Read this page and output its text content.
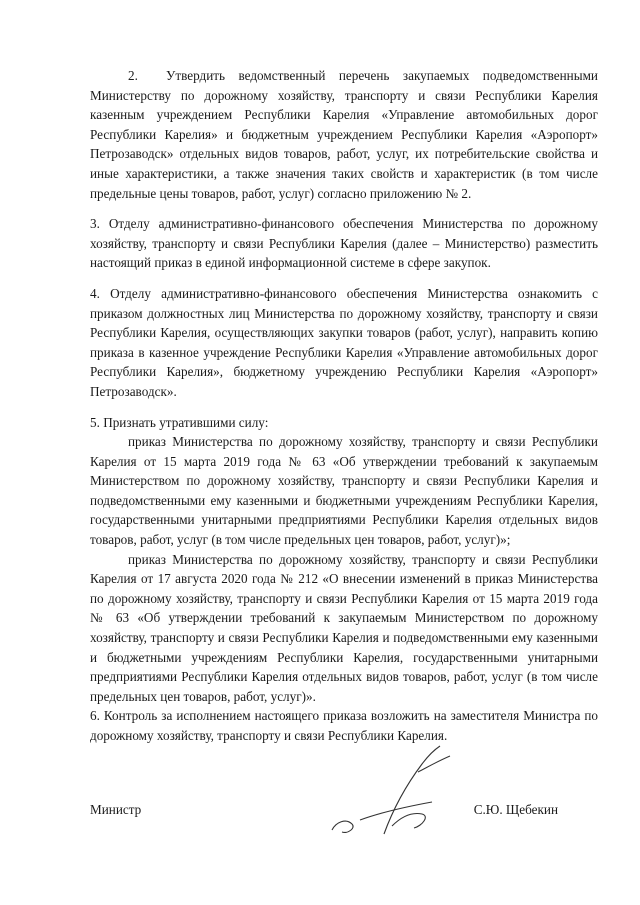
2. Утвердить ведомственный перечень закупаемых подведомственными Министерству по дорожному хозяйству, транспорту и связи Республики Карелия казенным учреждением Республики Карелия «Управление автомобильных дорог Республики Карелия» и бюджетным учреждением Республики Карелия «Аэропорт» Петрозаводск» отдельных видов товаров, работ, услуг, их потребительские свойства и иные характеристики, а также значения таких свойств и характеристик (в том числе предельные цены товаров, работ, услуг) согласно приложению № 2.

3. Отделу административно-финансового обеспечения Министерства по дорожному хозяйству, транспорту и связи Республики Карелия (далее – Министерство) разместить настоящий приказ в единой информационной системе в сфере закупок.

4. Отделу административно-финансового обеспечения Министерства ознакомить с приказом должностных лиц Министерства по дорожному хозяйству, транспорту и связи Республики Карелия, осуществляющих закупки товаров (работ, услуг), направить копию приказа в казенное учреждение Республики Карелия «Управление автомобильных дорог Республики Карелия», бюджетному учреждению Республики Карелия «Аэропорт» Петрозаводск».

5. Признать утратившими силу:

приказ Министерства по дорожному хозяйству, транспорту и связи Республики Карелия от 15 марта 2019 года № 63 «Об утверждении требований к закупаемым Министерством по дорожному хозяйству, транспорту и связи Республики Карелия и подведомственными ему казенными и бюджетными учреждениям Республики Карелия, государственными унитарными предприятиями Республики Карелия отдельных видов товаров, работ, услуг (в том числе предельных цен товаров, работ, услуг)»;

приказ Министерства по дорожному хозяйству, транспорту и связи Республики Карелия от 17 августа 2020 года № 212 «О внесении изменений в приказ Министерства по дорожному хозяйству, транспорту и связи Республики Карелия от 15 марта 2019 года № 63 «Об утверждении требований к закупаемым Министерством по дорожному хозяйству, транспорту и связи Республики Карелия и подведомственными ему казенными и бюджетными учреждениям Республики Карелия, государственными унитарными предприятиями Республики Карелия отдельных видов товаров, работ, услуг (в том числе предельных цен товаров, работ, услуг)».

6. Контроль за исполнением настоящего приказа возложить на заместителя Министра по дорожному хозяйству, транспорту и связи Республики Карелия.

Министр	С.Ю. Щебекин
